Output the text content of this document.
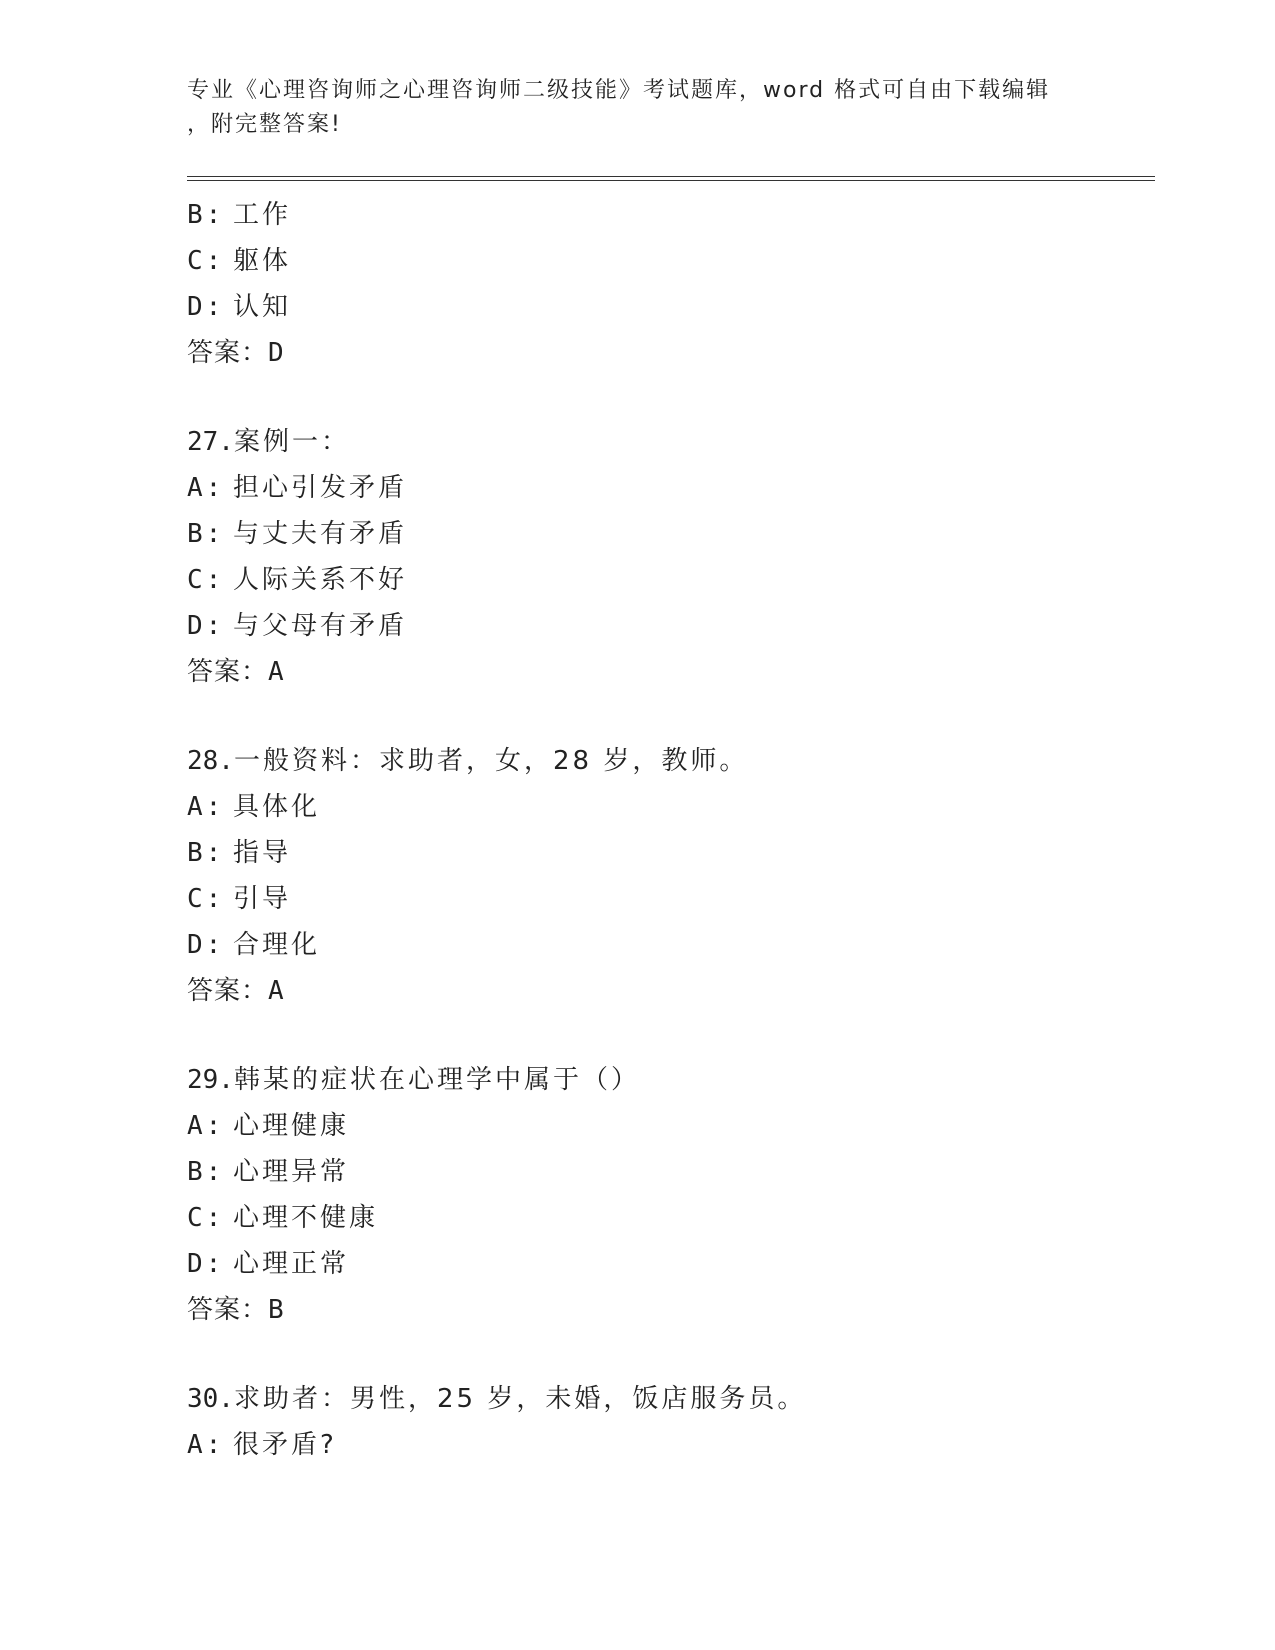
专业《心理咨询师之心理咨询师二级技能》考试题库，word 格式可自由下载编辑
，附完整答案!
B: 工作
C: 躯体
D: 认知
答案：D
27.案例一：
A: 担心引发矛盾
B: 与丈夫有矛盾
C: 人际关系不好
D: 与父母有矛盾
答案：A
28.一般资料：求助者，女，28 岁，教师。
A: 具体化
B: 指导
C: 引导
D: 合理化
答案：A
29.韩某的症状在心理学中属于（）
A: 心理健康
B: 心理异常
C: 心理不健康
D: 心理正常
答案：B
30.求助者：男性，25 岁，未婚，饭店服务员。
A: 很矛盾?
